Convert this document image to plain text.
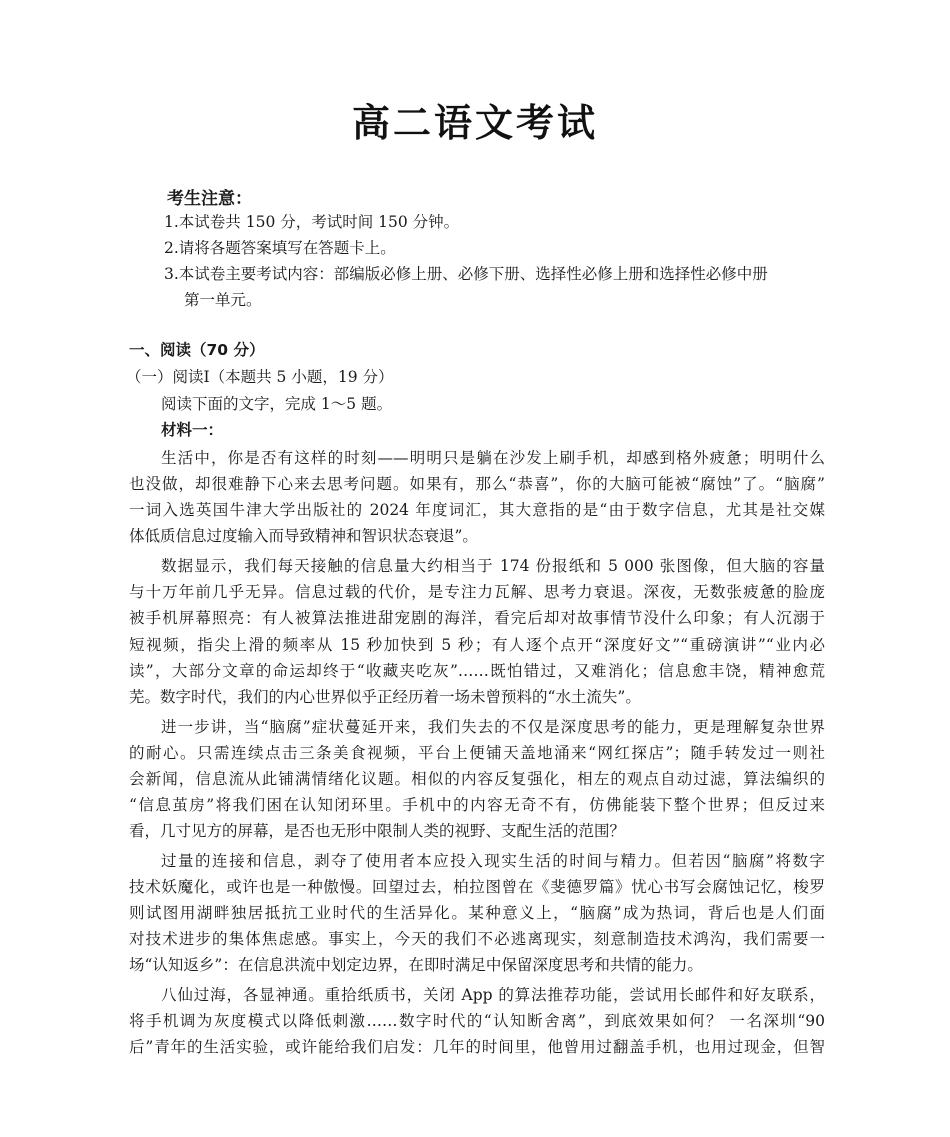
高二语文考试
考生注意：
1.本试卷共 150 分，考试时间 150 分钟。
2.请将各题答案填写在答题卡上。
3.本试卷主要考试内容：部编版必修上册、必修下册、选择性必修上册和选择性必修中册
第一单元。
一、阅读（70 分）
（一）阅读Ⅰ（本题共 5 小题，19 分）
阅读下面的文字，完成 1～5 题。
材料一：
生活中，你是否有这样的时刻——明明只是躺在沙发上刷手机，却感到格外疲惫；明明什么
也没做，却很难静下心来去思考问题。如果有，那么“恭喜”，你的大脑可能被“腐蚀”了。“脑腐”
一词入选英国牛津大学出版社的 2024 年度词汇，其大意指的是“由于数字信息，尤其是社交媒
体低质信息过度输入而导致精神和智识状态衰退”。
数据显示，我们每天接触的信息量大约相当于 174 份报纸和 5 000 张图像，但大脑的容量
与十万年前几乎无异。信息过载的代价，是专注力瓦解、思考力衰退。深夜，无数张疲惫的脸庞
被手机屏幕照亮：有人被算法推进甜宠剧的海洋，看完后却对故事情节没什么印象；有人沉溺于
短视频，指尖上滑的频率从 15 秒加快到 5 秒；有人逐个点开“深度好文”“重磅演讲”“业内必
读”，大部分文章的命运却终于“收藏夹吃灰”……既怕错过，又难消化；信息愈丰饶，精神愈荒
芜。数字时代，我们的内心世界似乎正经历着一场未曾预料的“水土流失”。
进一步讲，当“脑腐”症状蔓延开来，我们失去的不仅是深度思考的能力，更是理解复杂世界
的耐心。只需连续点击三条美食视频，平台上便铺天盖地涌来“网红探店”；随手转发过一则社
会新闻，信息流从此铺满情绪化议题。相似的内容反复强化，相左的观点自动过滤，算法编织的
“信息茧房”将我们困在认知闭环里。手机中的内容无奇不有，仿佛能装下整个世界；但反过来
看，几寸见方的屏幕，是否也无形中限制人类的视野、支配生活的范围？
过量的连接和信息，剥夺了使用者本应投入现实生活的时间与精力。但若因“脑腐”将数字
技术妖魔化，或许也是一种傲慢。回望过去，柏拉图曾在《斐德罗篇》忧心书写会腐蚀记忆，梭罗
则试图用湖畔独居抵抗工业时代的生活异化。某种意义上，“脑腐”成为热词，背后也是人们面
对技术进步的集体焦虑感。事实上，今天的我们不必逃离现实，刻意制造技术鸿沟，我们需要一
场“认知返乡”：在信息洪流中划定边界，在即时满足中保留深度思考和共情的能力。
八仙过海，各显神通。重拾纸质书，关闭 App 的算法推荐功能，尝试用长邮件和好友联系，
将手机调为灰度模式以降低刺激……数字时代的“认知断舍离”，到底效果如何？ 一名深圳“90
后”青年的生活实验，或许能给我们启发：几年的时间里，他曾用过翻盖手机，也用过现金，但智
